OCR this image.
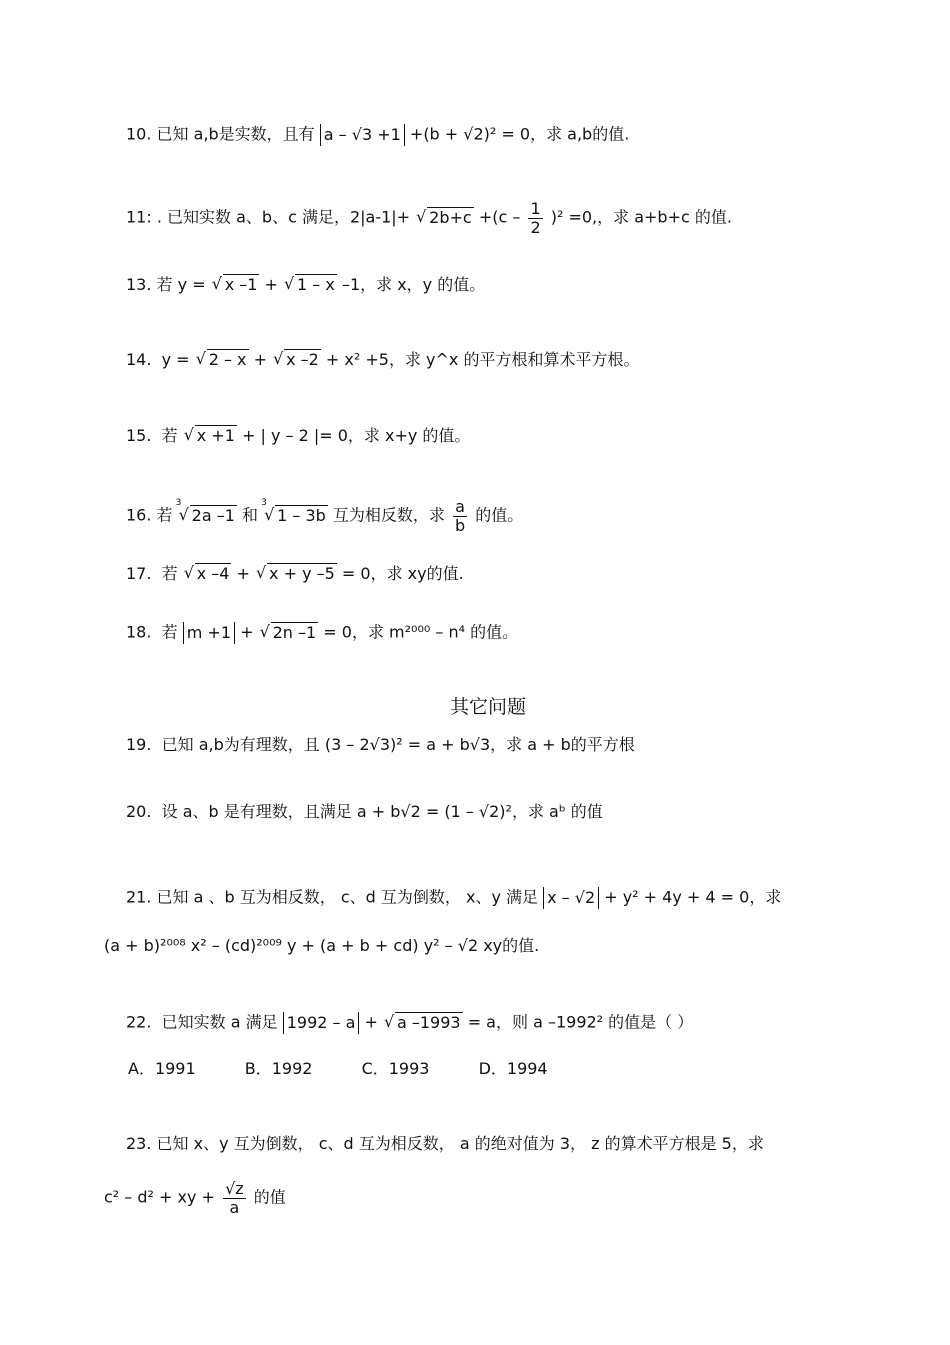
10. 已知 a,b是实数，且有 a – √3 +1 +(b + √2)² = 0，求 a,b的值.
11: . 已知实数 a、b、c 满足，2|a-1|+ √ $2b+c +(c - \frac{1}{2} )^2 =0$,，求 a+b+c 的值.
13. 若 y = √ x –1 + √ 1 – x –1，求 x，y 的值。
14. y = √ 2 – x + √ x –2 + x² +5，求 y^x 的平方根和算术平方根。
15. 若 √ x +1 + | y – 2 |= 0，求 x+y 的值。
16. 若
3
√ 2a –1 和
3
√ 1 – 3b 互为相反数，求 $\frac{a}{b}$ 的值。
17. 若 √ x –4 + √ x + y –5 = 0，求 xy的值.
18. 若 m +1 + √ 2n –1 = 0，求 m²⁰⁰⁰ – n⁴ 的值。
其它问题
19. 已知 a,b为有理数，且 (3 – 2√3)² = a + b√3，求 a + b的平方根
20. 设 a、b 是有理数，且满足 a + b√2 = (1 – √2)²，求 aᵇ 的值
21. 已知 a 、b 互为相反数， c、d 互为倒数， x、y 满足 x – √2 + y² + 4y + 4 = 0，求
(a + b)²⁰⁰⁸ x² – (cd)²⁰⁰⁹ y + (a + b + cd) y² – √2 xy的值.
22. 已知实数 a 满足 1992 – a + √ a –1993 = a，则 a –1992² 的值是（ ）
A．1991	B．1992	C．1993	D．1994
23. 已知 x、y 互为倒数， c、d 互为相反数， a 的绝对值为 3， z 的算术平方根是 5，求
c² – d² + xy + $\frac{√z}{a}$ 的值
